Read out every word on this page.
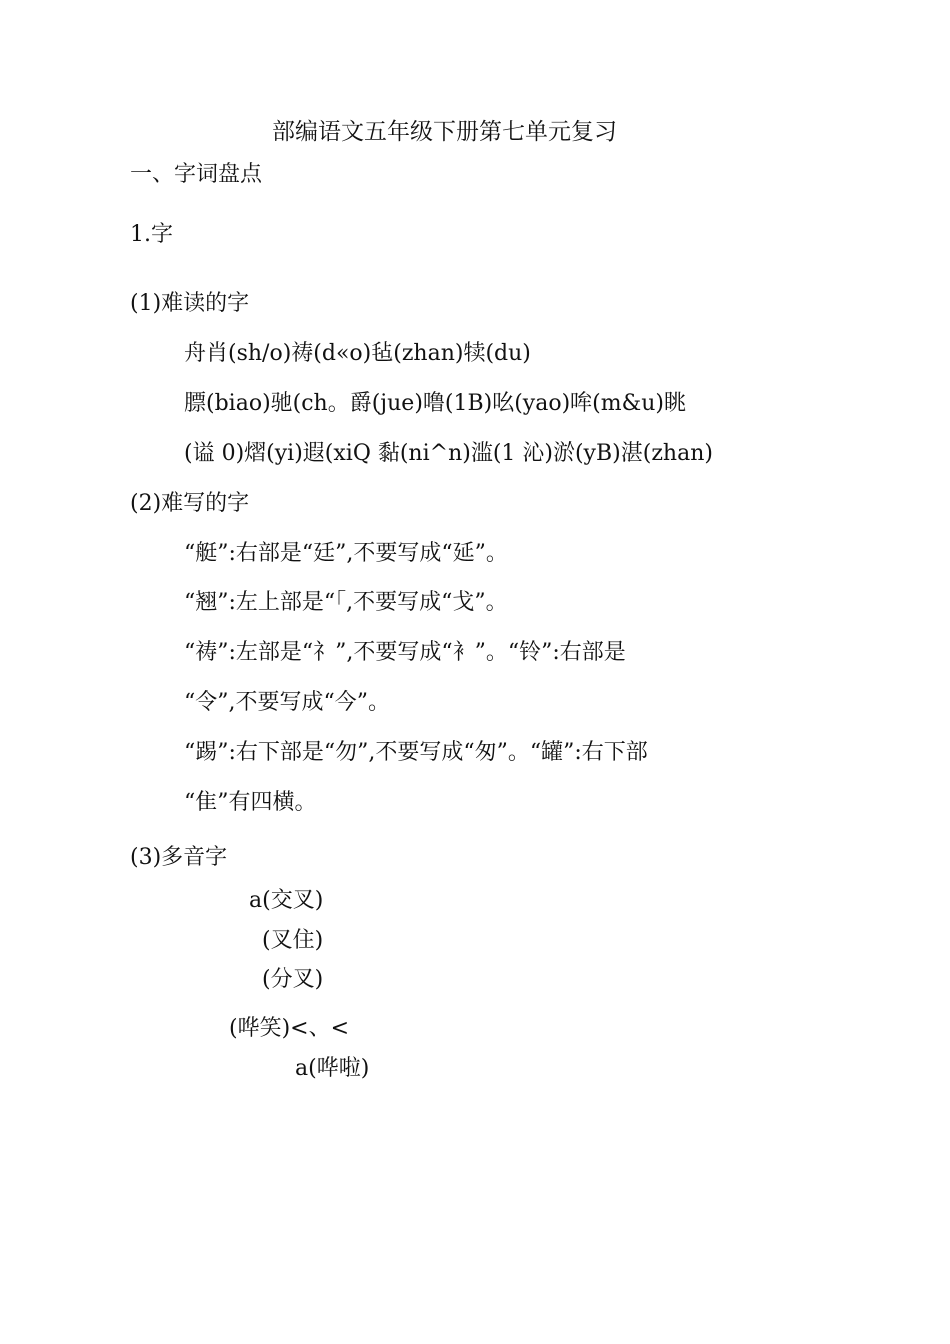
部编语文五年级下册第七单元复习
一、字词盘点
1.字
(1)难读的字
舟肖(sh/o)祷(d«o)毡(zhan)犊(du)
膘(biao)驰(ch。爵(jue)噜(1B)吆(yao)哞(m&u)眺
(谥 0)熠(yi)遐(xiQ 黏(ni^n)滥(1 沁)淤(yB)湛(zhan)
(2)难写的字
“艇”:右部是“廷”,不要写成“延”。
“翘”:左上部是“「,不要写成“戈”。
“祷”:左部是“礻”,不要写成“衤”。“铃”:右部是
“令”,不要写成“今”。
“踢”:右下部是“勿”,不要写成“匆”。“罐”:右下部
“隹”有四横。
(3)多音字
a(交叉)
(叉住)
(分叉)
(哗笑)<、<
a(哗啦)
